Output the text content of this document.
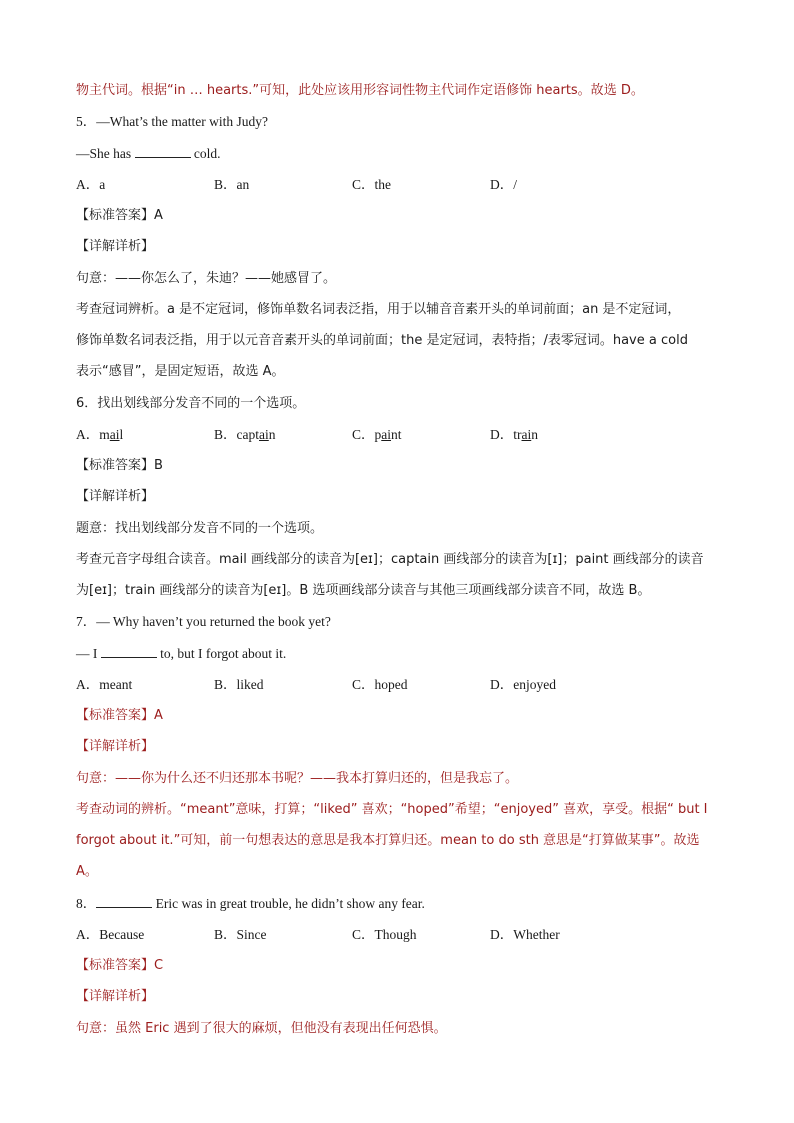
物主代词。根据“in … hearts.”可知，此处应该用形容词性物主代词作定语修饰 hearts。故选 D。
5．—What’s the matter with Judy?
—She has	cold.
A．a	B．an	C．the	D．/
【标准答案】A
【详解详析】
句意：——你怎么了，朱迪？——她感冒了。
考查冠词辨析。a 是不定冠词，修饰单数名词表泛指，用于以辅音音素开头的单词前面；an 是不定冠词，
修饰单数名词表泛指，用于以元音音素开头的单词前面；the 是定冠词，表特指；/表零冠词。have a cold
表示“感冒”，是固定短语，故选 A。
6．找出划线部分发音不同的一个选项。
A．mail	B．captain	C．paint	D．train
【标准答案】B
【详解详析】
题意：找出划线部分发音不同的一个选项。
考查元音字母组合读音。mail 画线部分的读音为[eɪ]；captain 画线部分的读音为[ɪ]；paint 画线部分的读音
为[eɪ]；train 画线部分的读音为[eɪ]。B 选项画线部分读音与其他三项画线部分读音不同，故选 B。
7．— Why haven’t you returned the book yet?
— I	to, but I forgot about it.
A．meant	B．liked	C．hoped	D．enjoyed
【标准答案】A
【详解详析】
句意：——你为什么还不归还那本书呢？——我本打算归还的，但是我忘了。
考查动词的辨析。“meant”意味，打算；“liked” 喜欢；“hoped”希望；“enjoyed” 喜欢，享受。根据“ but I
forgot about it.”可知，前一句想表达的意思是我本打算归还。mean to do sth 意思是“打算做某事”。故选
A。
8．	Eric was in great trouble, he didn’t show any fear.
A．Because	B．Since	C．Though	D．Whether
【标准答案】C
【详解详析】
句意：虽然 Eric 遇到了很大的麻烦，但他没有表现出任何恐惧。
